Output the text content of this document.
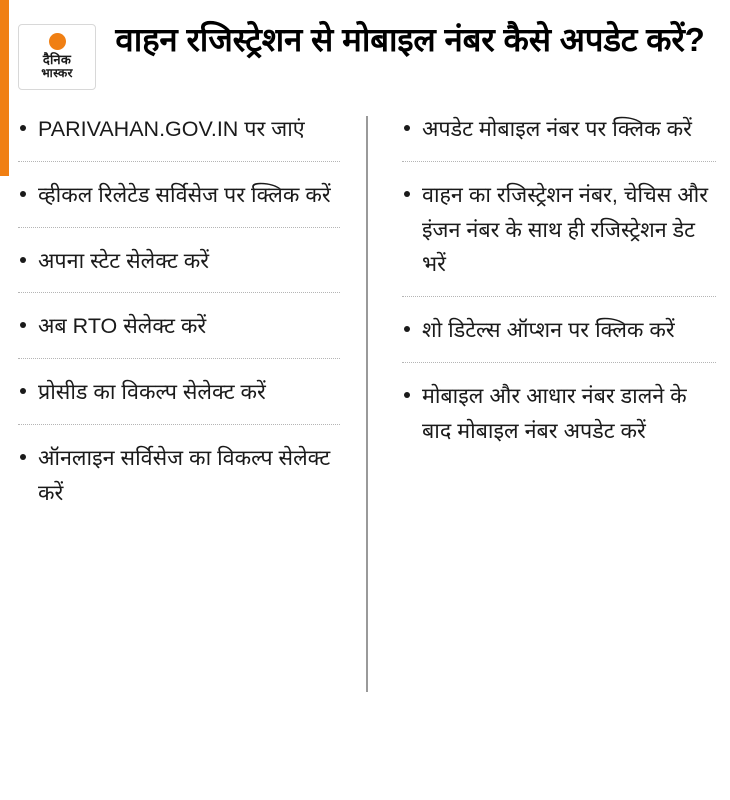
दैनिक
भास्कर
वाहन रजिस्ट्रेशन से मोबाइल नंबर कैसे अपडेट करें?
PARIVAHAN.GOV.IN पर जाएं
व्हीकल रिलेटेड सर्विसेज पर क्लिक करें
अपना स्टेट सेलेक्ट करें
अब RTO सेलेक्ट करें
प्रोसीड का विकल्प सेलेक्ट करें
ऑनलाइन सर्विसेज का विकल्प सेलेक्ट करें
अपडेट मोबाइल नंबर पर क्लिक करें
वाहन का रजिस्ट्रेशन नंबर, चेचिस और इंजन नंबर के साथ ही रजिस्ट्रेशन डेट भरें
शो डिटेल्स ऑप्शन पर क्लिक करें
मोबाइल और आधार नंबर डालने के बाद मोबाइल नंबर अपडेट करें
